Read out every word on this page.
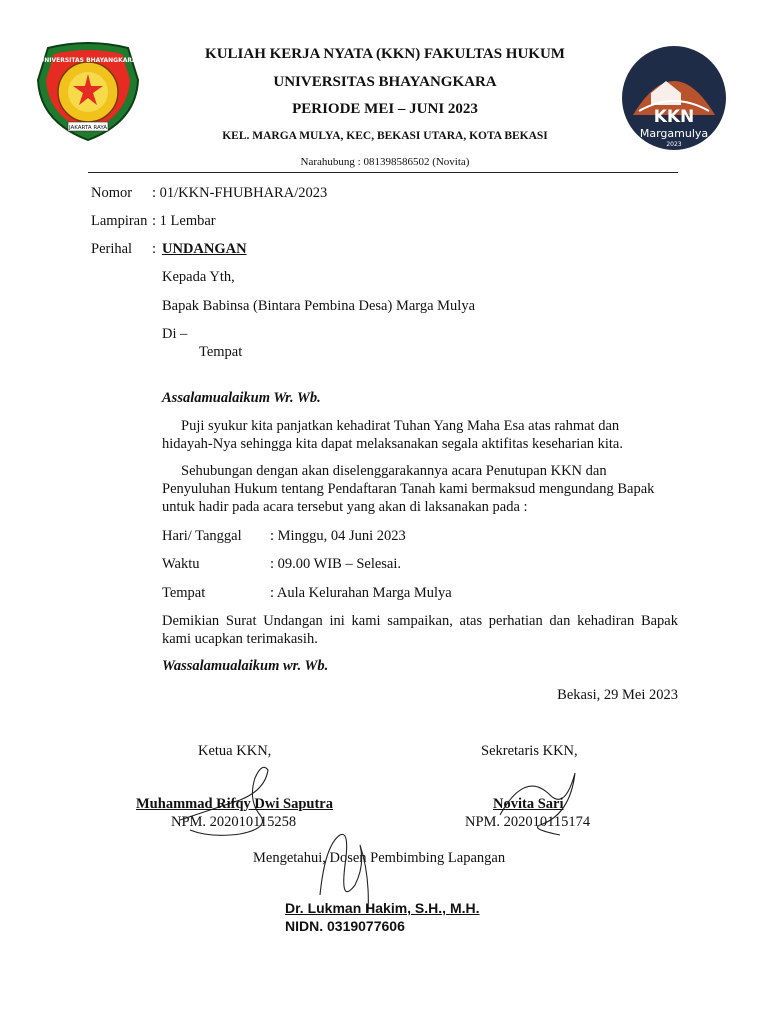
JAKARTA RAYA
UNIVERSITAS BHAYANGKARA
KKN
Margamulya
2023
KULIAH KERJA NYATA (KKN) FAKULTAS HUKUM
UNIVERSITAS BHAYANGKARA
PERIODE MEI – JUNI 2023
KEL. MARGA MULYA, KEC, BEKASI UTARA, KOTA BEKASI
Narahubung : 081398586502 (Novita)
Nomor : 01/KKN-FHUBHARA/2023
Lampiran : 1 Lembar
Perihal : UNDANGAN
Kepada Yth,
Bapak Babinsa (Bintara Pembina Desa) Marga Mulya
Di –
Tempat
Assalamualaikum Wr. Wb.
Puji syukur kita panjatkan kehadirat Tuhan Yang Maha Esa atas rahmat dan
hidayah-Nya sehingga kita dapat melaksanakan segala aktifitas keseharian kita.
Sehubungan dengan akan diselenggarakannya acara Penutupan KKN dan
Penyuluhan Hukum tentang Pendaftaran Tanah kami bermaksud mengundang Bapak
untuk hadir pada acara tersebut yang akan di laksanakan pada :
Hari/ Tanggal : Minggu, 04 Juni 2023
Waktu	: 09.00 WIB – Selesai.
Tempat	: Aula Kelurahan Marga Mulya
Demikian Surat Undangan ini kami sampaikan, atas perhatian dan kehadiran Bapak
kami ucapkan terimakasih.
Wassalamualaikum wr. Wb.
Bekasi, 29 Mei 2023
Ketua KKN,	Sekretaris KKN,
Muhammad Rifqy Dwi Saputra
NPM. 202010115258
Novita Sari
NPM. 202010115174
Mengetahui, Dosen Pembimbing Lapangan
Dr. Lukman Hakim, S.H., M.H.
NIDN. 0319077606
